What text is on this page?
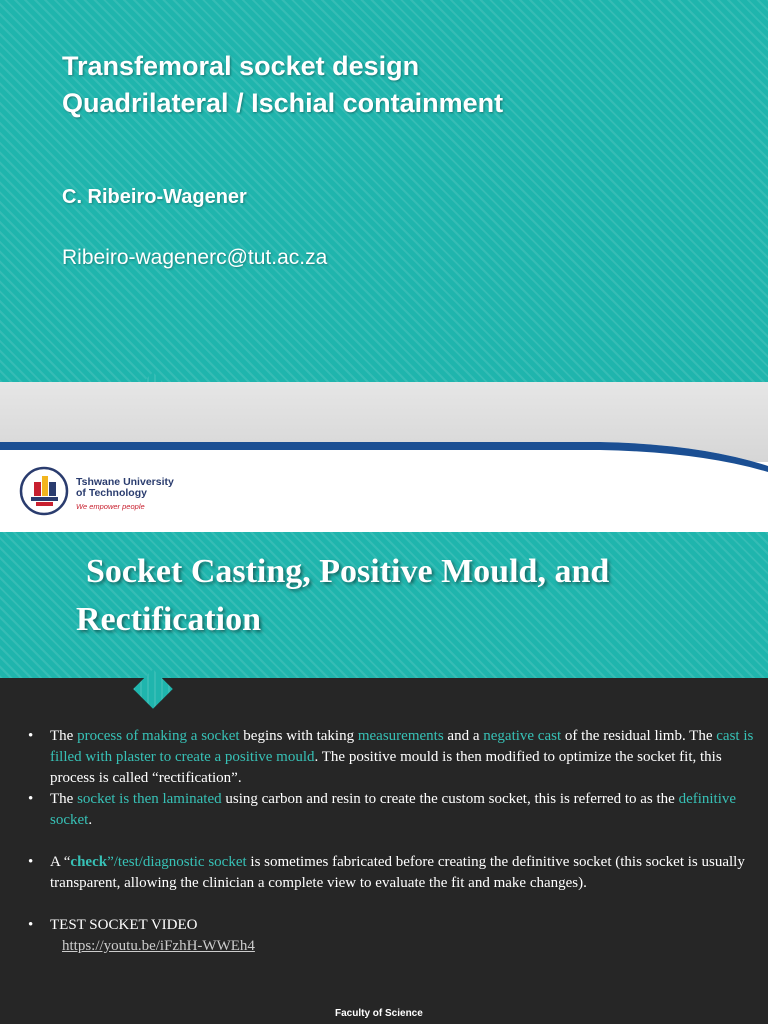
Transfemoral socket design
Quadrilateral / Ischial containment
C. Ribeiro-Wagener
Ribeiro-wagenerc@tut.ac.za
Tshwane University
of Technology
We empower people
Socket Casting, Positive Mould, and
Rectification
• The process of making a socket begins with taking measurements and a negative cast of the residual limb. The cast is filled with plaster to create a positive mould. The positive mould is then modified to optimize the socket fit, this process is called “rectification”.
• The socket is then laminated using carbon and resin to create the custom socket, this is referred to as the definitive socket.
• A “check”/test/diagnostic socket is sometimes fabricated before creating the definitive socket (this socket is usually transparent, allowing the clinician a complete view to evaluate the fit and make changes).
• TEST SOCKET VIDEO
https://youtu.be/iFzhH-WWEh4
Faculty of Science
